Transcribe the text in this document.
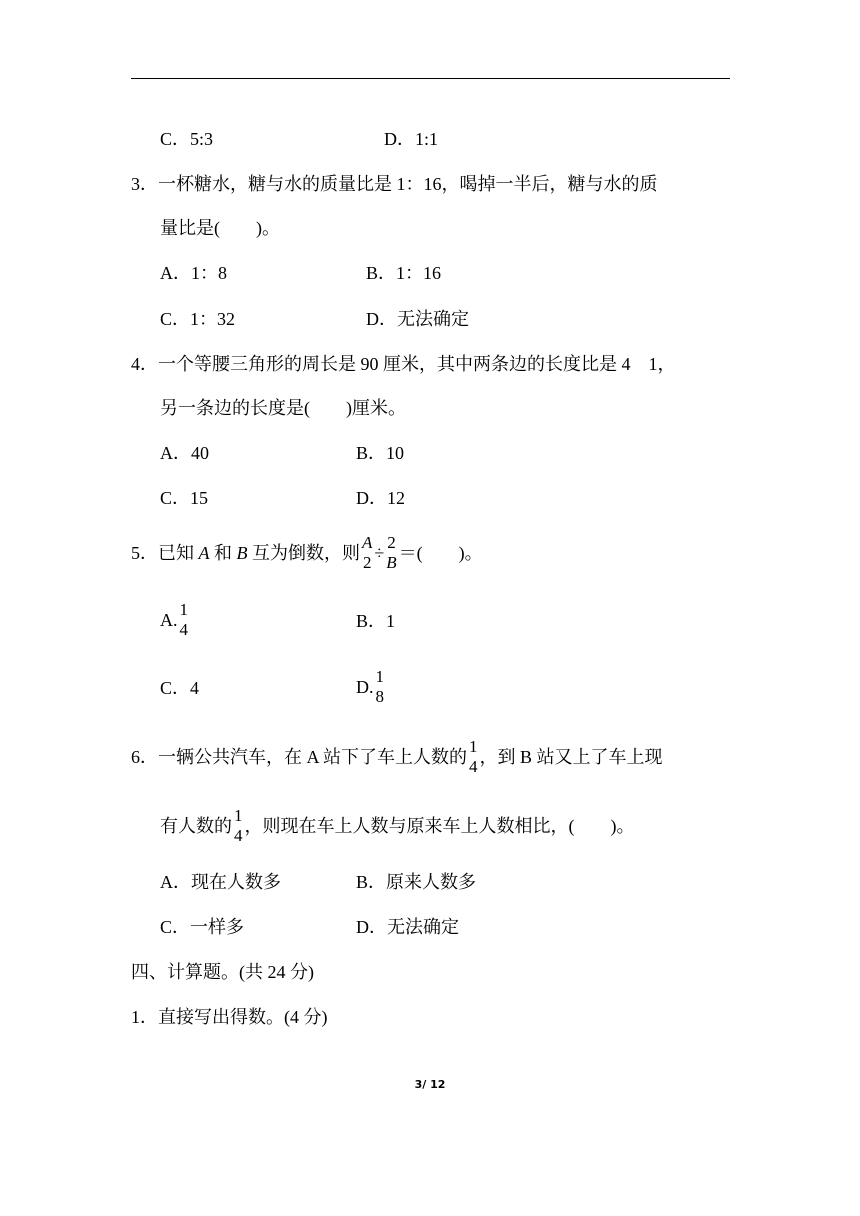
C．5:3	D．1:1
3．一杯糖水，糖与水的质量比是 1：16，喝掉一半后，糖与水的质
量比是(　　)。
A．1：8	B．1：16
C．1：32	D．无法确定
4．一个等腰三角形的周长是 90 厘米，其中两条边的长度比是 4　1，
另一条边的长度是(　　)厘米。
A．40	B．10
C．15	D．12
5．已知 A 和 B 互为倒数，则
A
2 ÷
2
B ＝(　　)。
A.
1
4	B．1
C．4	D.
1
8
6．一辆公共汽车，在 A 站下了车上人数的
1
4 ，到 B 站又上了车上现
有人数的
1
4 ，则现在车上人数与原来车上人数相比，(　　)。
A．现在人数多	B．原来人数多
C．一样多	D．无法确定
四、计算题。(共 24 分)
1．直接写出得数。(4 分)
3/ 12
